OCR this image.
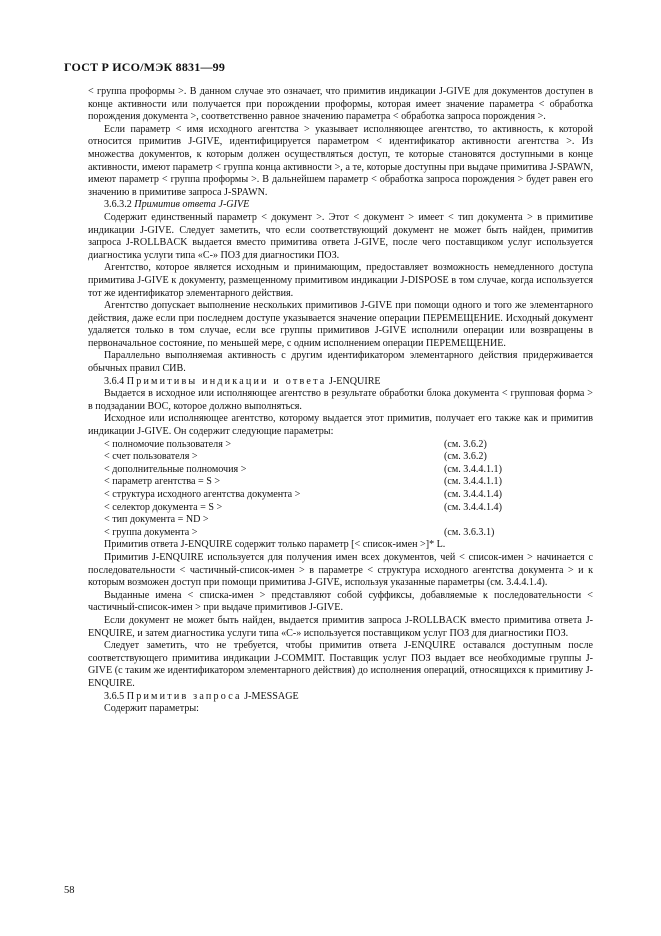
ГОСТ Р ИСО/МЭК 8831—99

< группа проформы >. В данном случае это означает, что примитив индикации J-GIVE для документов доступен в конце активности или получается при порождении проформы, которая имеет значение параметра < обработка порождения документа >, соответственно равное значению параметра < обработка запроса порождения >.

Если параметр < имя исходного агентства > указывает исполняющее агентство, то активность, к которой относится примитив J-GIVE, идентифицируется параметром < идентификатор активности агентства >. Из множества документов, к которым должен осуществляться доступ, те которые становятся доступными в конце активности, имеют параметр < группа конца активности >, а те, которые доступны при выдаче примитива J-SPAWN, имеют параметр < группа проформы >. В дальнейшем параметр < обработка запроса порождения > будет равен его значению в примитиве запроса J-SPAWN.

3.6.3.2 Примитив ответа J-GIVE

Содержит единственный параметр < документ >. Этот < документ > имеет < тип документа > в примитиве индикации J-GIVE. Следует заметить, что если соответствующий документ не может быть найден, примитив запроса J-ROLLBACK выдается вместо примитива ответа J-GIVE, после чего поставщиком услуг используется диагностика услуги типа «С-» ПОЗ для диагностики ПОЗ.

Агентство, которое является исходным и принимающим, предоставляет возможность немедленного доступа примитива J-GIVE к документу, размещенному примитивом индикации J-DISPOSE в том случае, когда используется тот же идентификатор элементарного действия.

Агентство допускает выполнение нескольких примитивов J-GIVE при помощи одного и того же элементарного действия, даже если при последнем доступе указывается значение операции ПЕРЕМЕЩЕНИЕ. Исходный документ удаляется только в том случае, если все группы примитивов J-GIVE исполнили операции или возвращены в первоначальное состояние, по меньшей мере, с одним исполнением операции ПЕРЕМЕЩЕНИЕ.

Параллельно выполняемая активность с другим идентификатором элементарного действия придерживается обычных правил СИВ.

3.6.4 Примитивы индикации и ответа J-ENQUIRE

Выдается в исходное или исполняющее агентство в результате обработки блока документа < групповая форма > в подзадании ВОС, которое должно выполняться.

Исходное или исполняющее агентство, которому выдается этот примитив, получает его также как и примитив индикации J-GIVE. Он содержит следующие параметры:

< полномочие пользователя >	(см. 3.6.2)
< счет пользователя >	(см. 3.6.2)
< дополнительные полномочия >	(см. 3.4.4.1.1)
< параметр агентства = S >	(см. 3.4.4.1.1)
< структура исходного агентства документа >	(см. 3.4.4.1.4)
< селектор документа = S >	(см. 3.4.4.1.4)
< тип документа = ND >
< группа документа >	(см. 3.6.3.1)

Примитив ответа J-ENQUIRE содержит только параметр [< список-имен >]* L.

Примитив J-ENQUIRE используется для получения имен всех документов, чей < список-имен > начинается с последовательности < частичный-список-имен > в параметре < структура исходного агентства документа > и к которым возможен доступ при помощи примитива J-GIVE, используя указанные параметры (см. 3.4.4.1.4).

Выданные имена < списка-имен > представляют собой суффиксы, добавляемые к последовательности < частичный-список-имен > при выдаче примитивов J-GIVE.

Если документ не может быть найден, выдается примитив запроса J-ROLLBACK вместо примитива ответа J-ENQUIRE, и затем диагностика услуги типа «С-» используется поставщиком услуг ПОЗ для диагностики ПОЗ.

Следует заметить, что не требуется, чтобы примитив ответа J-ENQUIRE оставался доступным после соответствующего примитива индикации J-COMMIT. Поставщик услуг ПОЗ выдает все необходимые группы J-GIVE (с таким же идентификатором элементарного действия) до исполнения операций, относящихся к примитиву J-ENQUIRE.

3.6.5 Примитив запроса J-MESSAGE

Содержит параметры:

58
